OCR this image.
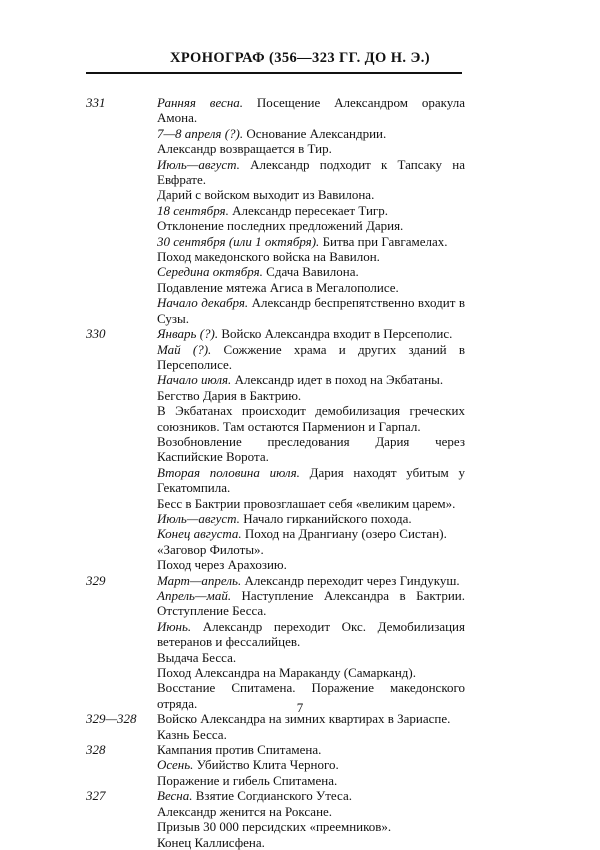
ХРОНОГРАФ (356—323 ГГ. ДО Н. Э.)
331	Ранняя весна. Посещение Александром оракула Амона.
7—8 апреля (?). Основание Александрии.
Александр возвращается в Тир.
Июль—август. Александр подходит к Тапсаку на Евфрате.
Дарий с войском выходит из Вавилона.
18 сентября. Александр пересекает Тигр.
Отклонение последних предложений Дария.
30 сентября (или 1 октября). Битва при Гавгамелах.
Поход македонского войска на Вавилон.
Середина октября. Сдача Вавилона.
Подавление мятежа Агиса в Мегалополисе.
Начало декабря. Александр беспрепятственно входит в Сузы.
330	Январь (?). Войско Александра входит в Персеполис.
Май (?). Сожжение храма и других зданий в Персеполисе.
Начало июля. Александр идет в поход на Экбатаны.
Бегство Дария в Бактрию.
В Экбатанах происходит демобилизация греческих союзников. Там остаются Парменион и Гарпал.
Возобновление преследования Дария через Каспийские Ворота.
Вторая половина июля. Дария находят убитым у Гекатомпила.
Бесс в Бактрии провозглашает себя «великим царем».
Июль—август. Начало гирканийского похода.
Конец августа. Поход на Дрангиану (озеро Систан).
«Заговор Филоты».
Поход через Арахозию.
329	Март—апрель. Александр переходит через Гиндукуш.
Апрель—май. Наступление Александра в Бактрии. Отступление Бесса.
Июнь. Александр переходит Окс. Демобилизация ветеранов и фессалийцев.
Выдача Бесса.
Поход Александра на Мараканду (Самарканд).
Восстание Спитамена. Поражение македонского отряда.
329—328	Войско Александра на зимних квартирах в Зариаспе.
Казнь Бесса.
328	Кампания против Спитамена.
Осень. Убийство Клита Черного.
Поражение и гибель Спитамена.
327	Весна. Взятие Согдианского Утеса.
Александр женится на Роксане.
Призыв 30 000 персидских «преемников».
Конец Каллисфена.
7
